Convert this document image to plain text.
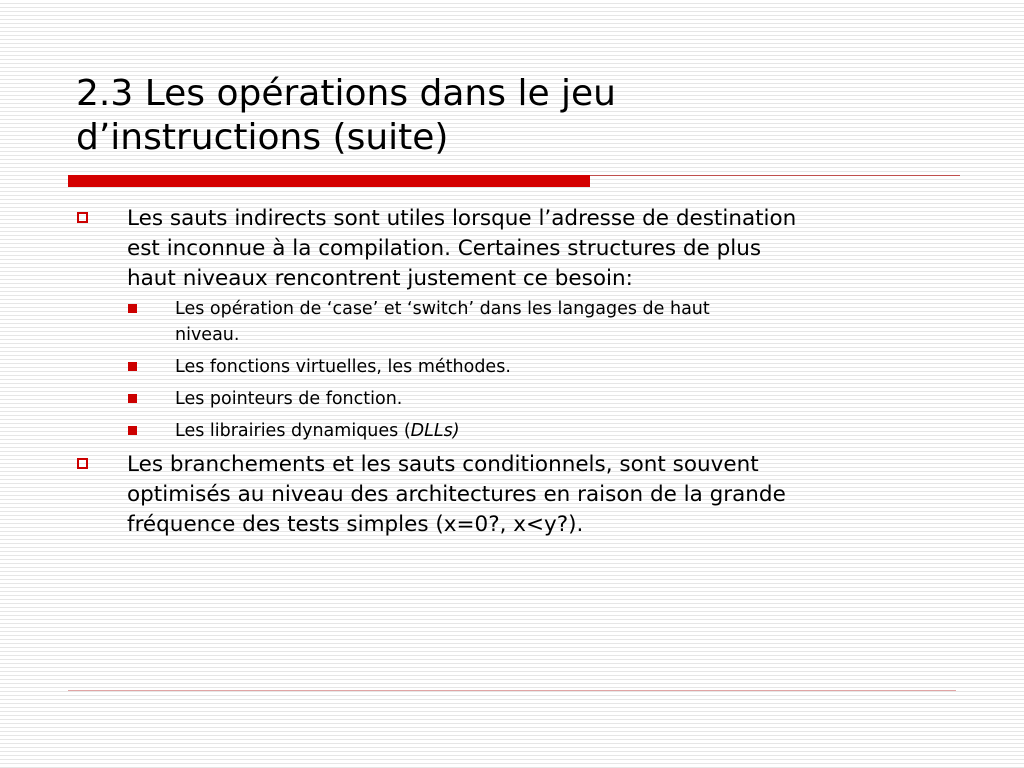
2.3 Les opérations dans le jeu
d’instructions (suite)
Les sauts indirects sont utiles lorsque l’adresse de destination
est inconnue à la compilation. Certaines structures de plus
haut niveaux rencontrent justement ce besoin:
Les opération de ‘case’ et ‘switch’ dans les langages de haut
niveau.
Les fonctions virtuelles, les méthodes.
Les pointeurs de fonction.
Les librairies dynamiques (DLLs)
Les branchements et les sauts conditionnels, sont souvent
optimisés au niveau des architectures en raison de la grande
fréquence des tests simples (x=0?, x<y?).
